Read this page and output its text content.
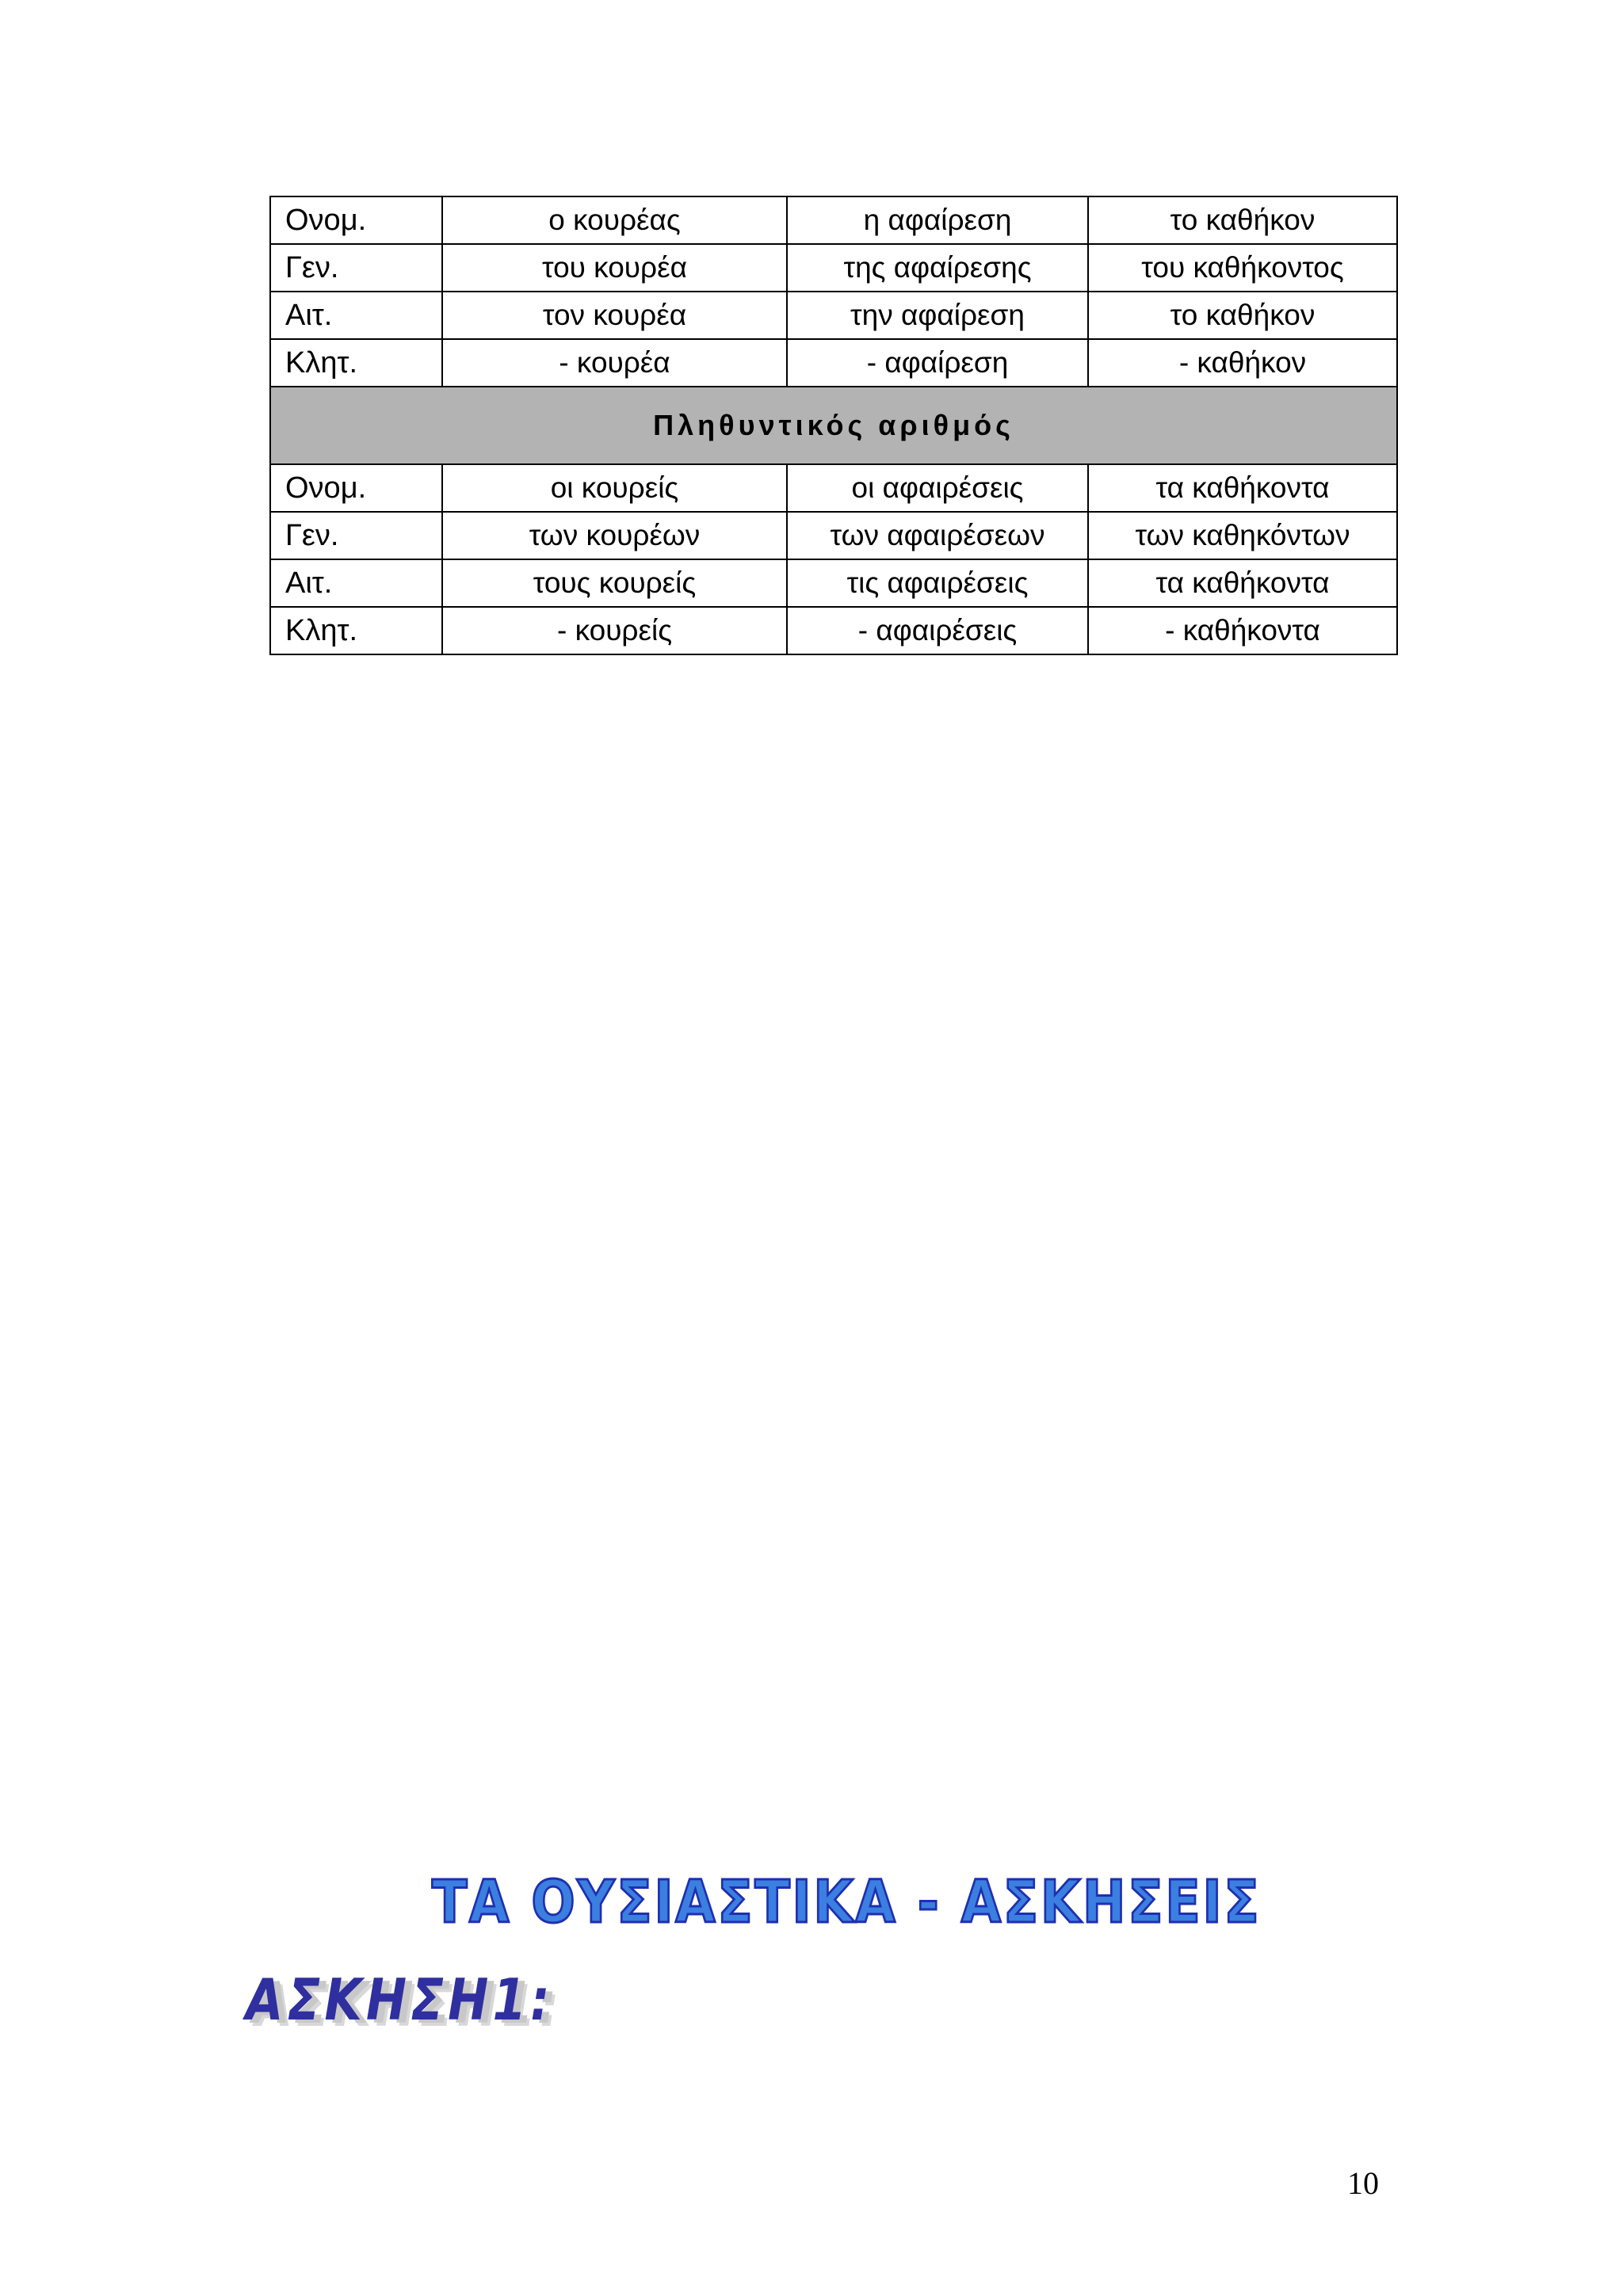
Ονομ.	ο κουρέας	η αφαίρεση	το καθήκον
Γεν.	του κουρέα	της αφαίρεσης	του καθήκοντος
Αιτ.	τον κουρέα	την αφαίρεση	το καθήκον
Κλητ.	- κουρέα	- αφαίρεση	- καθήκον
Πληθυντικός αριθμός			
Ονομ.	οι κουρείς	οι αφαιρέσεις	τα καθήκοντα
Γεν.	των κουρέων	των αφαιρέσεων	των καθηκόντων
Αιτ.	τους κουρείς	τις αφαιρέσεις	τα καθήκοντα
Κλητ.	- κουρείς	- αφαιρέσεις	- καθήκοντα
ΤΑ ΟΥΣΙΑΣΤΙΚΑ - ΑΣΚΗΣΕΙΣ
ΑΣΚΗΣΗ1:
10
